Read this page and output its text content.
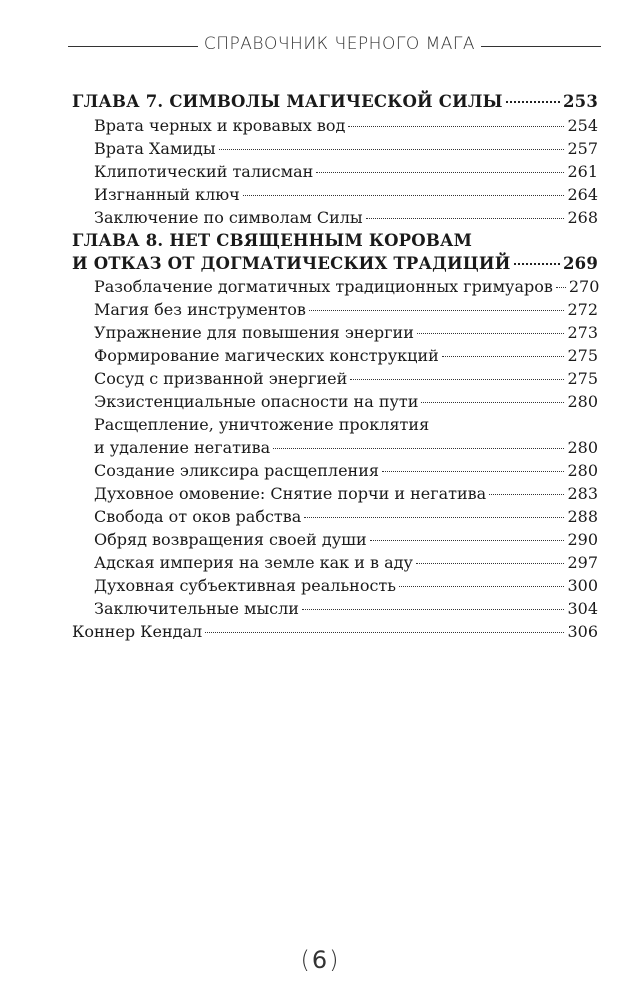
СПРАВОЧНИК ЧЕРНОГО МАГА
ГЛАВА 7. СИМВОЛЫ МАГИЧЕСКОЙ СИЛЫ	253
Врата черных и кровавых вод	254
Врата Хамиды	257
Клипотический талисман	261
Изгнанный ключ	264
Заключение по символам Силы	268
ГЛАВА 8. НЕТ СВЯЩЕННЫМ КОРОВАМ
И ОТКАЗ ОТ ДОГМАТИЧЕСКИХ ТРАДИЦИЙ	269
Разоблачение догматичных традиционных гримуаров 270
Магия без инструментов	272
Упражнение для повышения энергии	273
Формирование магических конструкций	275
Сосуд с призванной энергией	275
Экзистенциальные опасности на пути	280
Расщепление, уничтожение проклятия
и удаление негатива	280
Создание эликсира расщепления	280
Духовное омовение: Снятие порчи и негатива	283
Свобода от оков рабства	288
Обряд возвращения своей души	290
Адская империя на земле как и в аду	297
Духовная субъективная реальность	300
Заключительные мысли	304
Коннер Кендал	306
(6)
